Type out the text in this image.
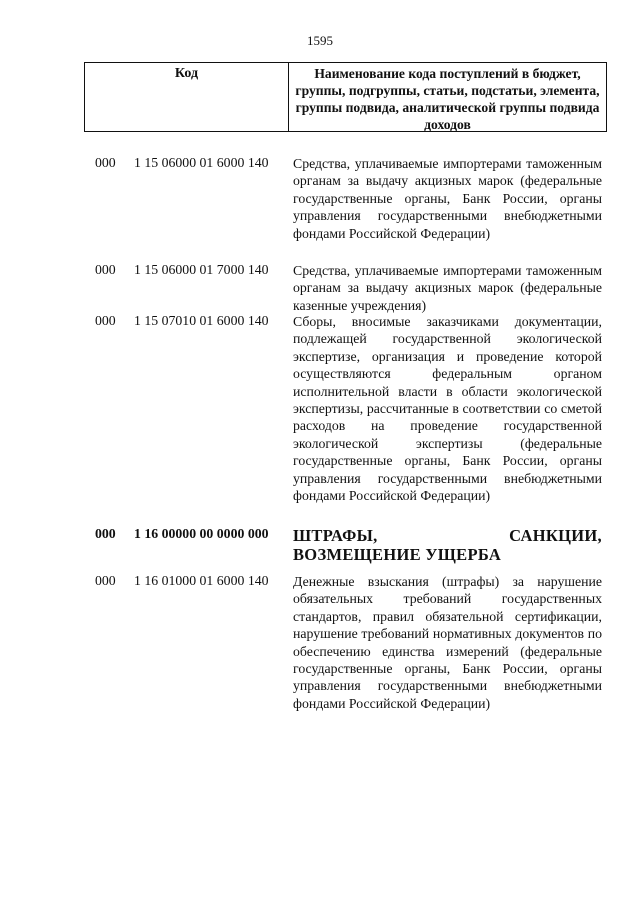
1595
Код	Наименование кода поступлений в бюджет, группы, подгруппы, статьи, подстатьи, элемента, группы подвида, аналитической группы подвида доходов
000 1 15 06000 01 6000 140 Средства, уплачиваемые импортерами таможенным органам за выдачу акцизных марок (федеральные государственные органы, Банк России, органы управления государственными внебюджетными фондами Российской Федерации)
000 1 15 06000 01 7000 140 Средства, уплачиваемые импортерами таможенным органам за выдачу акцизных марок (федеральные казенные учреждения)
000 1 15 07010 01 6000 140 Сборы, вносимые заказчиками документации, подлежащей государственной экологической экспертизе, организация и проведение которой осуществляются федеральным органом исполнительной власти в области экологической экспертизы, рассчитанные в соответствии со сметой расходов на проведение государственной экологической экспертизы (федеральные государственные органы, Банк России, органы управления государственными внебюджетными фондами Российской Федерации)
000 1 16 00000 00 0000 000 ШТРАФЫ, САНКЦИИ, ВОЗМЕЩЕНИЕ УЩЕРБА
000 1 16 01000 01 6000 140 Денежные взыскания (штрафы) за нарушение обязательных требований государственных стандартов, правил обязательной сертификации, нарушение требований нормативных документов по обеспечению единства измерений (федеральные государственные органы, Банк России, органы управления государственными внебюджетными фондами Российской Федерации)
